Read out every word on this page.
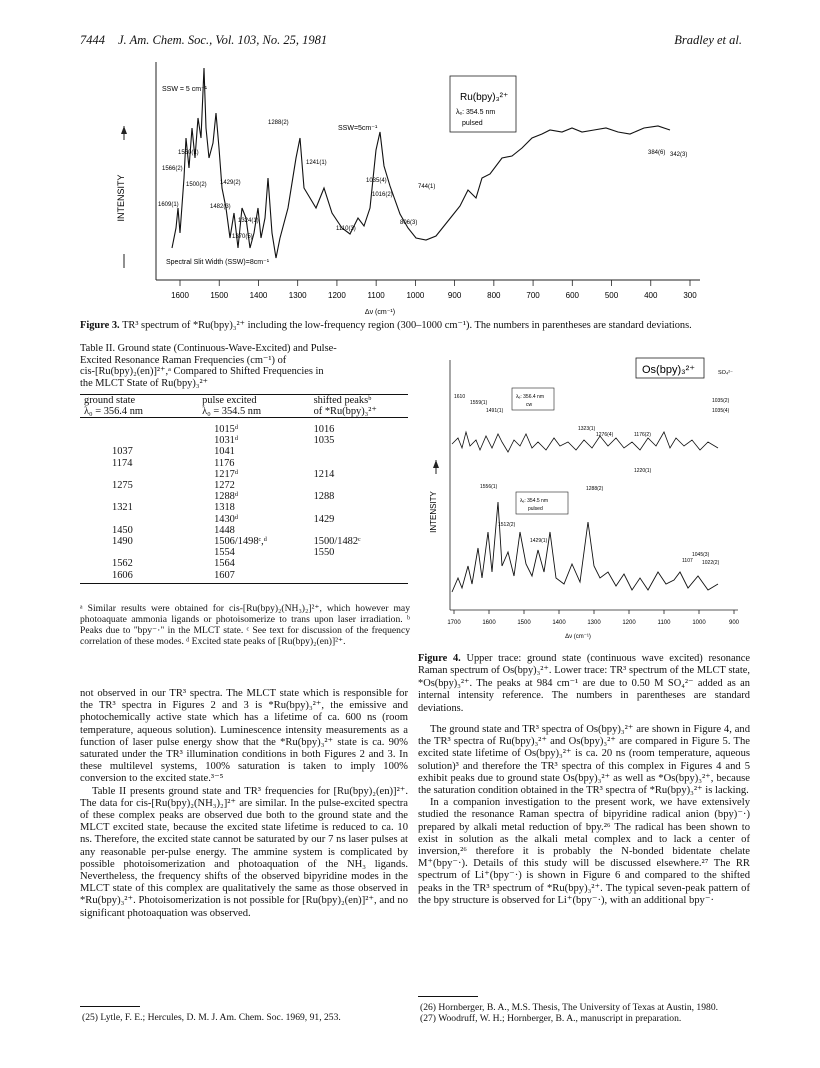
7444 J. Am. Chem. Soc., Vol. 103, No. 25, 1981	Bradley et al.
1600	1500	1400	1300	1200	1100	1000	900	800	700	600	500	400	300
INTENSITY
Δν (cm⁻¹)
Ru(bpy)₃²⁺
λₑ: 354.5 nm
pulsed
SSW = 5 cm⁻¹
SSW=5cm⁻¹
Spectral Slit Width (SSW)=8cm⁻¹
1609(1)
1566(2)
1550(1)
1500(2)
1482(3)
1429(2)
1370(5)
1324(1)
1288(2)
1241(1)
1110(3)
1035(4)
1016(2)
806(3)
744(1)
384(6) 342(3)
Figure 3. TR³ spectrum of *Ru(bpy)₃²⁺ including the low-frequency region (300–1000 cm⁻¹). The numbers in parentheses are standard deviations.
Table II. Ground state (Continuous-Wave-Excited) and Pulse-
Excited Resonance Raman Frequencies (cm⁻¹) of
cis-[Ru(bpy)₂(en)]²⁺,ᵃ Compared to Shifted Frequencies in
the MLCT State of Ru(bpy)₃²⁺
ground state
λ₀ = 356.4 nm

pulse excited
λ₀ = 354.5 nm

shifted peaksᵇ
of *Ru(bpy)₃²⁺
	1015ᵈ	1016
	1031ᵈ	1035
1037	1041	
1174	1176	
	1217ᵈ	1214
1275	1272	
	1288ᵈ	1288
1321	1318	
	1430ᵈ	1429
1450	1448	
1490	1506/1498ᶜ,ᵈ	1500/1482ᶜ
	1554	1550
1562	1564	
1606	1607	
ᵃ Similar results were obtained for cis-[Ru(bpy)₂(NH₃)₂]²⁺, which however may photoaquate ammonia ligands or photoisomerize to trans upon laser irradiation. ᵇ Peaks due to "bpy⁻·" in the MLCT state. ᶜ See text for discussion of the frequency correlation of these modes. ᵈ Excited state peaks of [Ru(bpy)₂(en)]²⁺.

not observed in our TR³ spectra. The MLCT state which is responsible for the TR³ spectra in Figures 2 and 3 is *Ru(bpy)₃²⁺, the emissive and photochemically active state which has a lifetime of ca. 600 ns (room temperature, aqueous solution). Luminescence intensity measurements as a function of laser pulse energy show that the *Ru(bpy)₃²⁺ state is ca. 90% saturated under the TR³ illumination conditions in both Figures 2 and 3. In these multilevel systems, 100% saturation is taken to imply 100% conversion to the excited state.³⁻⁵

Table II presents ground state and TR³ frequencies for [Ru(bpy)₂(en)]²⁺. The data for cis-[Ru(bpy)₂(NH₃)₂]²⁺ are similar. In the pulse-excited spectra of these complex peaks are observed due both to the ground state and the MLCT excited state, because the excited state lifetime is reduced to ca. 10 ns. Therefore, the excited state cannot be saturated by our 7 ns laser pulses at any reasonable per-pulse energy. The ammine system is complicated by possible photoisomerization and photoaquation of the NH₃ ligands. Nevertheless, the frequency shifts of the observed bipyridine modes in the MLCT state of this complex are qualitatively the same as those observed in *Ru(bpy)₃²⁺. Photoisomerization is not possible for [Ru(bpy)₂(en)]²⁺, and no significant photoaquation was observed.

(25) Lytle, F. E.; Hercules, D. M. J. Am. Chem. Soc. 1969, 91, 253.
1700	1600	1500	1400	1300	1200	1100	1000	900
INTENSITY
Δν (cm⁻¹)
Os(bpy)₃²⁺	SO₄²⁻
λₑ: 356.4 nm
cw
λₑ: 354.5 nm
pulsed
1610
1559(1)
1491(1)
1323(1)
1276(4)	1176(2)
1035(2)
1035(4)
1556(1)
1512(2)
1429(1)
1288(2)
1220(1)
1107
1045(3)
1022(2)
Figure 4. Upper trace: ground state (continuous wave excited) resonance Raman spectrum of Os(bpy)₃²⁺. Lower trace: TR³ spectrum of the MLCT state, *Os(bpy)₃²⁺. The peaks at 984 cm⁻¹ are due to 0.50 M SO₄²⁻ added as an internal intensity reference. The numbers in parentheses are standard deviations.

The ground state and TR³ spectra of Os(bpy)₃²⁺ are shown in Figure 4, and the TR³ spectra of Ru(bpy)₃²⁺ and Os(bpy)₃²⁺ are compared in Figure 5. The excited state lifetime of Os(bpy)₃²⁺ is ca. 20 ns (room temperature, aqueous solution)³ and therefore the TR³ spectra of this complex in Figures 4 and 5 exhibit peaks due to ground state Os(bpy)₃²⁺ as well as *Os(bpy)₃²⁺, because the saturation condition obtained in the TR³ spectra of *Ru(bpy)₃²⁺ is lacking.

In a companion investigation to the present work, we have extensively studied the resonance Raman spectra of bipyridine radical anion (bpy)⁻·) prepared by alkali metal reduction of bpy.²⁶ The radical has been shown to exist in solution as the alkali metal complex and to lack a center of inversion,²⁶ therefore it is probably the N-bonded bidentate chelate M⁺(bpy⁻·). Details of this study will be discussed elsewhere.²⁷ The RR spectrum of Li⁺(bpy⁻·) is shown in Figure 6 and compared to the shifted peaks in the TR³ spectrum of *Ru(bpy)₃²⁺. The typical seven-peak pattern of the bpy structure is observed for Li⁺(bpy⁻·), with an additional bpy⁻·

(26) Hornberger, B. A., M.S. Thesis, The University of Texas at Austin, 1980.
(27) Woodruff, W. H.; Hornberger, B. A., manuscript in preparation.
